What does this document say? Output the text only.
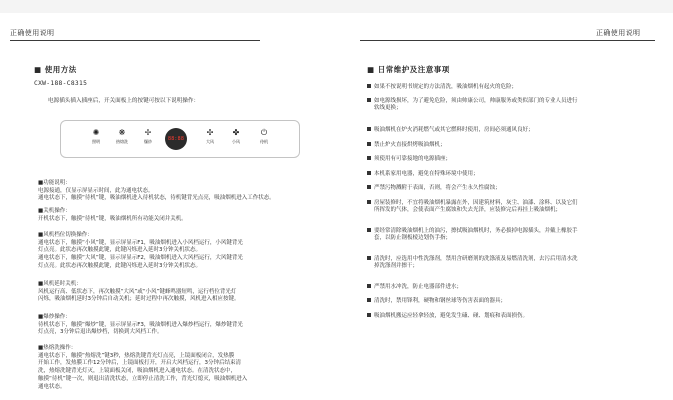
正确使用说明	正确使用说明
■ 使用方法
CXW-188-C8315
电源插头插入插座后，开关面板上的按键可按以下说明操作：
✺
照明
❋
热熔洗
✢
爆炒	88:88
✣
大风
✤
小风
⏻
待机
■功能说明：
电源接通，仅显示屏显示时间，此为通电状态。
通电状态下，触摸“待机”键，吸油烟机进入待机状态，待机键背光点亮，吸油烟机进入工作状态。
■关机操作：
开机状态下，触摸“待机”键，吸油烟机所有功能关闭并关机。
■风机档位切换操作：
通电状态下，触摸“小风”键，显示屏显示F1，吸油烟机进入小风档运行，小风键背光
灯点亮。此状态再次触摸此键，此键闪烁进入延时3分钟关机状态。
通电状态下，触摸“大风”键，显示屏显示F2，吸油烟机进入大风档运行，大风键背光
灯点亮。此状态再次触摸此键，此键闪烁进入延时3分钟关机状态。
■风机延时关机：
风机运行高、低状态下，再次触摸“大风”或“小风”键蜂鸣器短鸣，运行档位背光灯
闪烁，吸油烟机延时3分钟后自动关机；延时过程中再次触摸，风机进入相应按键。
■爆炒操作：
待机状态下，触摸“爆炒”键，显示屏显示F3，吸油烟机进入爆炒档运行，爆炒键背光
灯点亮，3分钟后退出爆炒档，切换到大风档工作。
■热熔洗操作：
通电状态下，触摸“热熔洗”键3秒，热熔洗键背光灯点亮，上镜面板闭合，发热膜
开始工作，发热膜工作12分钟后，上镜面板打开，开启大风档运行，3分钟后结束清
洗，热熔洗键背光灯灭，上镜面板关闭，吸油烟机进入通电状态。在清洗状态中，
触摸“待机”键一次，则退出清洗状态，立即停止清洗工作，背光灯熄灭，吸油烟机进入
通电状态。
■ 日常维护及注意事项
如果不按说明书规定的方法清洗，吸油烟机有起火的危险；
如电源线损坏，为了避免危险，须由帅康公司，帅康服务或类似部门的专业人员进行
软线更换；
吸油烟机在炉火消耗燃气或其它燃料时使用，房间必须通风良好；
禁止炉火直接烘烤吸油烟机；
须使用有可靠接地的电源插座；
本机系家用电器，避免在特殊环境中使用；
严禁污物溅附于表面，否则，将会产生永久性腐蚀；
房屋装修时，不宜将吸油烟机暴露在外，因建筑材料，灰尘、油漆、涂料、以及它们
所挥发的气体，会使表面产生腐蚀和失去光泽，应装修完后再挂上吸油烟机；
要经常清除吸油烟机上的油污，擦拭吸油烟机时，务必拔掉电源插头，并戴上橡胶手
套，以防止钢板棱边划伤手指；
清洗时，应选用中性洗涤剂，禁用含研磨剂的洗涤液及易燃清洗剂，去污后用清水洗
掉洗涤剂并擦干；
严禁用水冲洗，防止电器部件进水；
清洗时，禁用锋利，硬物和钢丝球等伤害表面的器具；
吸油烟机搬运应轻拿轻放，避免发生磕、碰、划痕和表面损伤。
